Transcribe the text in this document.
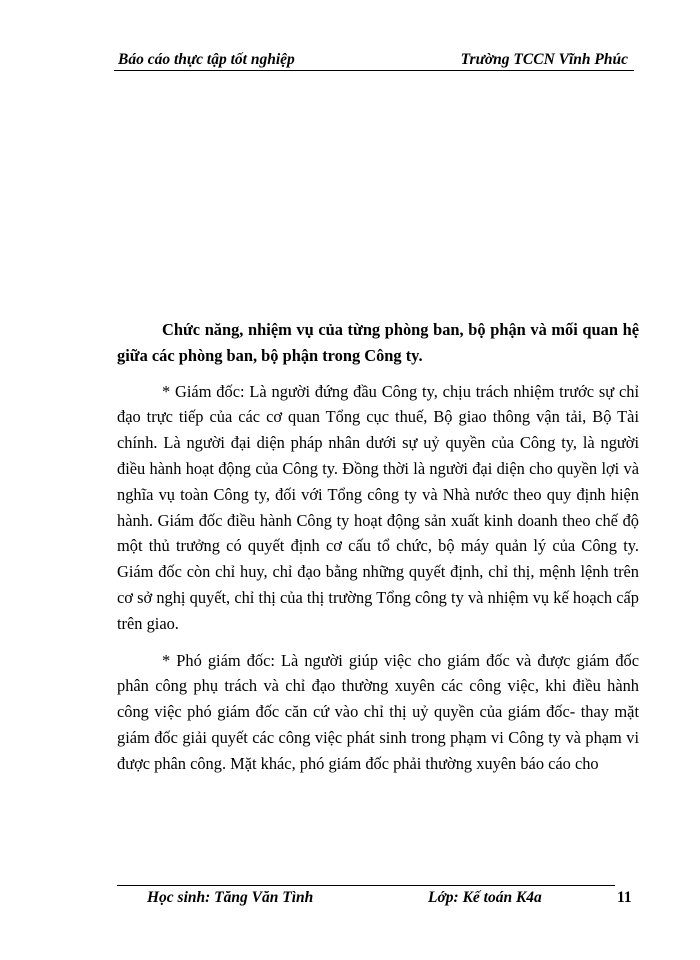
Báo cáo thực tập tốt nghiệp	Trường TCCN Vĩnh Phúc

Chức năng, nhiệm vụ của từng phòng ban, bộ phận và mối quan hệ giữa các phòng ban, bộ phận trong Công ty.

* Giám đốc: Là người đứng đầu Công ty, chịu trách nhiệm trước sự chỉ đạo trực tiếp của các cơ quan Tổng cục thuế, Bộ giao thông vận tải, Bộ Tài chính. Là người đại diện pháp nhân dưới sự uỷ quyền của Công ty, là người điều hành hoạt động của Công ty. Đồng thời là người đại diện cho quyền lợi và nghĩa vụ toàn Công ty, đối với Tổng công ty và Nhà nước theo quy định hiện hành. Giám đốc điều hành Công ty hoạt động sản xuất kinh doanh theo chế độ một thủ trưởng có quyết định cơ cấu tổ chức, bộ máy quản lý của Công ty. Giám đốc còn chỉ huy, chỉ đạo bằng những quyết định, chỉ thị, mệnh lệnh trên cơ sở nghị quyết, chỉ thị của thị trường Tổng công ty và nhiệm vụ kế hoạch cấp trên giao.

* Phó giám đốc: Là người giúp việc cho giám đốc và được giám đốc phân công phụ trách và chỉ đạo thường xuyên các công việc, khi điều hành công việc phó giám đốc căn cứ vào chỉ thị uỷ quyền của giám đốc- thay mặt giám đốc giải quyết các công việc phát sinh trong phạm vi Công ty và phạm vi được phân công. Mặt khác, phó giám đốc phải thường xuyên báo cáo cho

Học sinh: Tăng Văn Tình	Lớp: Kế toán K4a	11
